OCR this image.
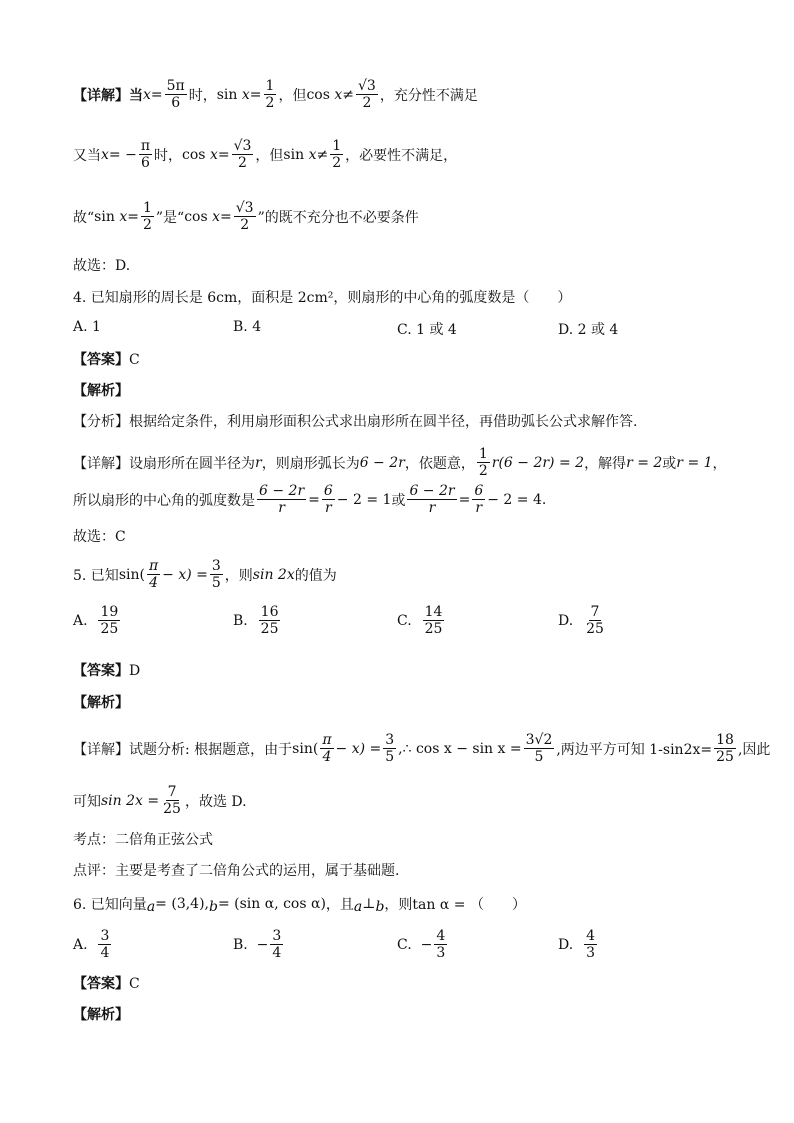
【详解】当 $x = \frac{5\pi}{6}$ 时， sin
$x = \frac{1}{2}$ ，但 cos
$x \ne \frac{√3}{2}$ ，充分性不满足
又当 x = − $\frac{\pi}{6}$ 时， cos
$x = \frac{√3}{2}$ ，但 sin
$x \ne \frac{1}{2}$ ，必要性不满足，
故“ sin
$x = \frac{1}{2}$ ”是“ cos
$x = \frac{√3}{2}$ ”的既不充分也不必要条件
故选：D.
4. 已知扇形的周长是 6cm，面积是 2cm²，则扇形的中心角的弧度数是（　　）
A. 1	B. 4	C. 1 或 4	D. 2 或 4
【答案】C
【解析】
【分析】根据给定条件，利用扇形面积公式求出扇形所在圆半径，再借助弧长公式求解作答.
【详解】设扇形所在圆半径为 r ，则扇形弧长为 6 − 2r ，依题意， $\frac{1}{2} r(6 - 2r) = 2$ ，解得 r = 2 或 r = 1 ，
所以扇形的中心角的弧度数是 $\frac{6 - 2r}{r} = \frac{6}{r} - 2 = 1$ 或 $\frac{6 - 2r}{r} = \frac{6}{r} - 2 = 4$ .
故选：C
5. 已知 $\sin( \frac{\pi}{4} - x) = \frac{3}{5}$ ，则 sin 2x 的值为
A.
$\frac{19}{25}$	B.
$\frac{16}{25}$	C.
$\frac{14}{25}$	D.
$\frac{7}{25}$
【答案】D
【解析】
【详解】试题分析: 根据题意，由于 $\sin( \frac{\pi}{4} - x) = \frac{3}{5}$ ,∴ $\cos x - \sin x = \frac{3√2}{5}$ ,两边平方可知 $1-\sin 2x= \frac{18}{25}$ ,因此
可知 $\sin 2x = \frac{7}{25}$ ，故选 D.
考点：二倍角正弦公式
点评：主要是考查了二倍角公式的运用，属于基础题.
6. 已知向量 a = (3,4), b = (sin α, cos α) ，且 a ⊥ b ，则 tan α = （　　）
A.
$\frac{3}{4}$	B.
− $\frac{3}{4}$	C.
− $\frac{4}{3}$	D.
$\frac{4}{3}$
【答案】C
【解析】
